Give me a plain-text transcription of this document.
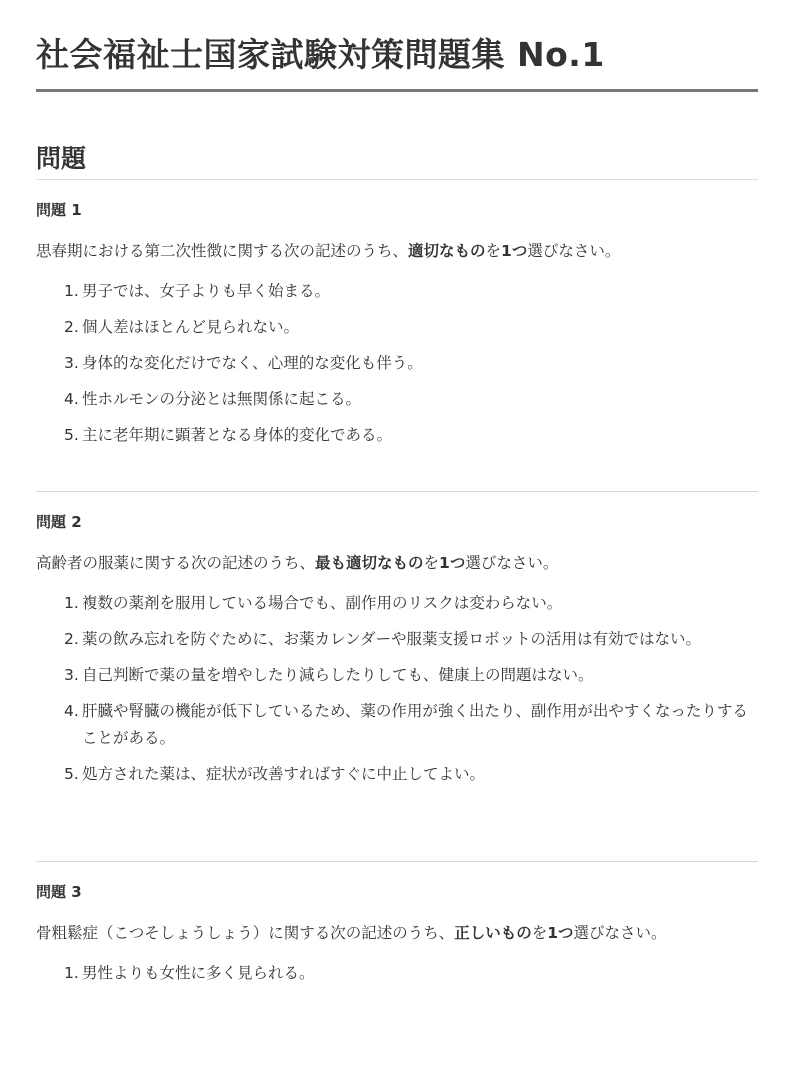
社会福祉士国家試験対策問題集 No.1
問題
問題 1

思春期における第二次性徴に関する次の記述のうち、適切なものを1つ選びなさい。

1. 男子では、女子よりも早く始まる。
2. 個人差はほとんど見られない。
3. 身体的な変化だけでなく、心理的な変化も伴う。
4. 性ホルモンの分泌とは無関係に起こる。
5. 主に老年期に顕著となる身体的変化である。
問題 2

高齢者の服薬に関する次の記述のうち、最も適切なものを1つ選びなさい。

1. 複数の薬剤を服用している場合でも、副作用のリスクは変わらない。
2. 薬の飲み忘れを防ぐために、お薬カレンダーや服薬支援ロボットの活用は有効ではない。
3. 自己判断で薬の量を増やしたり減らしたりしても、健康上の問題はない。
4. 肝臓や腎臓の機能が低下しているため、薬の作用が強く出たり、副作用が出やすくなったりすることがある。
5. 処方された薬は、症状が改善すればすぐに中止してよい。
問題 3

骨粗鬆症（こつそしょうしょう）に関する次の記述のうち、正しいものを1つ選びなさい。

1. 男性よりも女性に多く見られる。
